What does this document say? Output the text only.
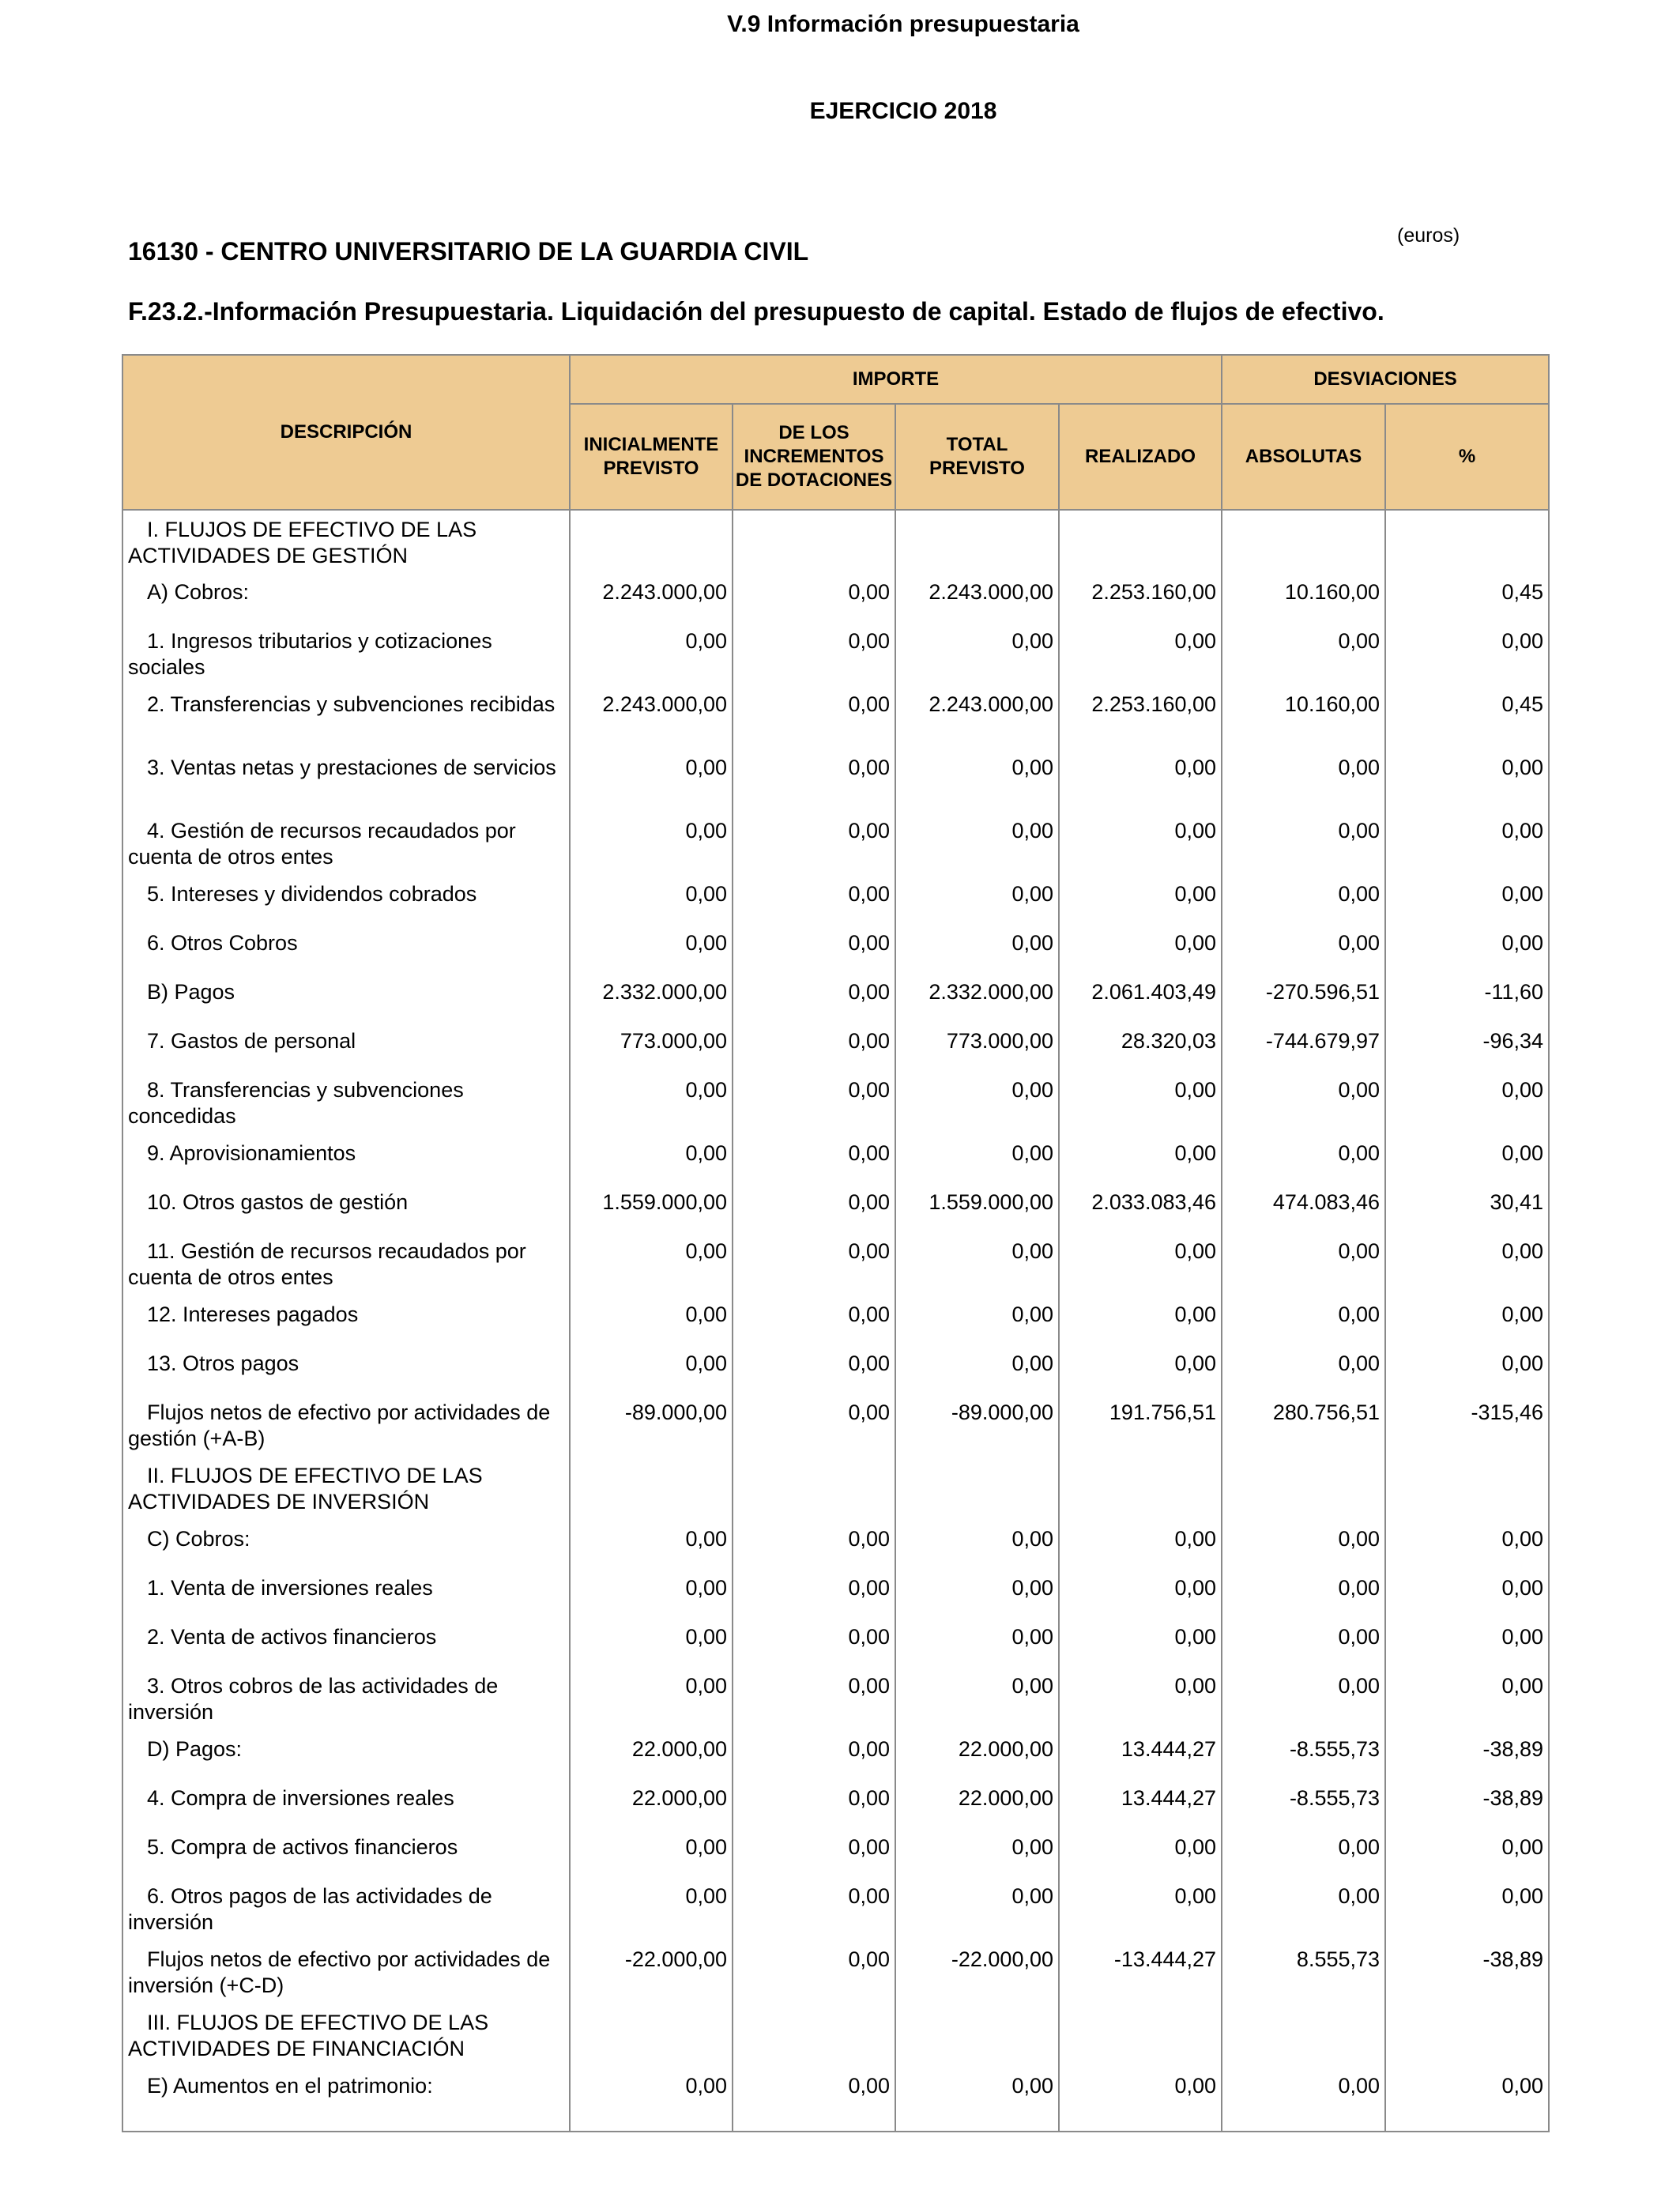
V.9 Información presupuestaria
EJERCICIO 2018
(euros)
16130 - CENTRO UNIVERSITARIO DE LA GUARDIA CIVIL
F.23.2.-Información Presupuestaria. Liquidación del presupuesto de capital. Estado de flujos de efectivo.
DESCRIPCIÓN	IMPORTE				DESVIACIONES	
	INICIALMENTE PREVISTO	DE LOS INCREMENTOS DE DOTACIONES	TOTAL PREVISTO	REALIZADO	ABSOLUTAS	%
I. FLUJOS DE EFECTIVO DE LAS ACTIVIDADES DE GESTIÓN						
A) Cobros:	2.243.000,00	0,00	2.243.000,00	2.253.160,00	10.160,00	0,45
1. Ingresos tributarios y cotizaciones sociales	0,00	0,00	0,00	0,00	0,00	0,00
2. Transferencias y subvenciones recibidas	2.243.000,00	0,00	2.243.000,00	2.253.160,00	10.160,00	0,45
3. Ventas netas y prestaciones de servicios	0,00	0,00	0,00	0,00	0,00	0,00
4. Gestión de recursos recaudados por cuenta de otros entes	0,00	0,00	0,00	0,00	0,00	0,00
5. Intereses y dividendos cobrados	0,00	0,00	0,00	0,00	0,00	0,00
6. Otros Cobros	0,00	0,00	0,00	0,00	0,00	0,00
B) Pagos	2.332.000,00	0,00	2.332.000,00	2.061.403,49	-270.596,51	-11,60
7. Gastos de personal	773.000,00	0,00	773.000,00	28.320,03	-744.679,97	-96,34
8. Transferencias y subvenciones concedidas	0,00	0,00	0,00	0,00	0,00	0,00
9. Aprovisionamientos	0,00	0,00	0,00	0,00	0,00	0,00
10. Otros gastos de gestión	1.559.000,00	0,00	1.559.000,00	2.033.083,46	474.083,46	30,41
11. Gestión de recursos recaudados por cuenta de otros entes	0,00	0,00	0,00	0,00	0,00	0,00
12. Intereses pagados	0,00	0,00	0,00	0,00	0,00	0,00
13. Otros pagos	0,00	0,00	0,00	0,00	0,00	0,00
Flujos netos de efectivo por actividades de gestión (+A-B)	-89.000,00	0,00	-89.000,00	191.756,51	280.756,51	-315,46
II. FLUJOS DE EFECTIVO DE LAS ACTIVIDADES DE INVERSIÓN						
C) Cobros:	0,00	0,00	0,00	0,00	0,00	0,00
1. Venta de inversiones reales	0,00	0,00	0,00	0,00	0,00	0,00
2. Venta de activos financieros	0,00	0,00	0,00	0,00	0,00	0,00
3. Otros cobros de las actividades de inversión	0,00	0,00	0,00	0,00	0,00	0,00
D) Pagos:	22.000,00	0,00	22.000,00	13.444,27	-8.555,73	-38,89
4. Compra de inversiones reales	22.000,00	0,00	22.000,00	13.444,27	-8.555,73	-38,89
5. Compra de activos financieros	0,00	0,00	0,00	0,00	0,00	0,00
6. Otros pagos de las actividades de inversión	0,00	0,00	0,00	0,00	0,00	0,00
Flujos netos de efectivo por actividades de inversión (+C-D)	-22.000,00	0,00	-22.000,00	-13.444,27	8.555,73	-38,89
III. FLUJOS DE EFECTIVO DE LAS ACTIVIDADES DE FINANCIACIÓN						
E) Aumentos en el patrimonio:	0,00	0,00	0,00	0,00	0,00	0,00
